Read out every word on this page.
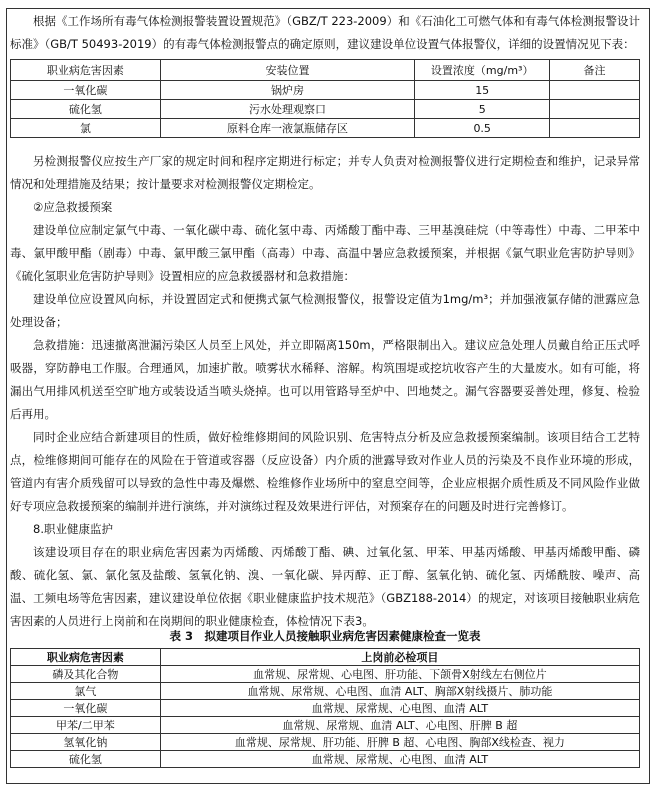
根据《工作场所有毒气体检测报警装置设置规范》（GBZ/T 223-2009）和《石油化工可燃气体和有毒气体检测报警设计标准》（GB/T 50493-2019）的有毒气体检测报警点的确定原则，建议建设单位设置气体报警仪，详细的设置情况见下表：
职业病危害因素	安装位置	设置浓度（mg/m³）	备注
一氧化碳	锅炉房	15	
硫化氢	污水处理观察口	5	
氯	原料仓库一液氯瓶储存区	0.5	
另检测报警仪应按生产厂家的规定时间和程序定期进行标定；并专人负责对检测报警仪进行定期检查和维护，记录异常情况和处理措施及结果；按计量要求对检测报警仪定期检定。
②应急救援预案
建设单位应制定氯气中毒、一氧化碳中毒、硫化氢中毒、丙烯酸丁酯中毒、三甲基溴硅烷（中等毒性）中毒、二甲苯中毒、氯甲酸甲酯（剧毒）中毒、氯甲酸三氯甲酯（高毒）中毒、高温中暑应急救援预案，并根据《氯气职业危害防护导则》《硫化氢职业危害防护导则》设置相应的应急救援器材和急救措施：
建设单位应设置风向标，并设置固定式和便携式氯气检测报警仪，报警设定值为1mg/m³；并加强液氯存储的泄露应急处理设备；
急救措施：迅速撤离泄漏污染区人员至上风处，并立即隔离150m，严格限制出入。建议应急处理人员戴自给正压式呼吸器，穿防静电工作服。合理通风，加速扩散。喷雾状水稀释、溶解。构筑围堤或挖坑收容产生的大量废水。如有可能，将漏出气用排风机送至空旷地方或装设适当喷头烧掉。也可以用管路导至炉中、凹地焚之。漏气容器要妥善处理，修复、检验后再用。
同时企业应结合新建项目的性质，做好检维修期间的风险识别、危害特点分析及应急救援预案编制。该项目结合工艺特点，检维修期间可能存在的风险在于管道或容器（反应设备）内介质的泄露导致对作业人员的污染及不良作业环境的形成，管道内有害介质残留可以导致的急性中毒及爆燃、检维修作业场所中的窒息空间等，企业应根据介质性质及不同风险作业做好专项应急救援预案的编制并进行演练，并对演练过程及效果进行评估，对预案存在的问题及时进行完善修订。
8.职业健康监护
该建设项目存在的职业病危害因素为丙烯酸、丙烯酸丁酯、碘、过氧化氢、甲苯、甲基丙烯酸、甲基丙烯酸甲酯、磷酸、硫化氢、氯、氯化氢及盐酸、氢氧化钠、溴、一氧化碳、异丙醇、正丁醇、氢氧化钠、硫化氢、丙烯酰胺、噪声、高温、工频电场等危害因素，建议建设单位依据《职业健康监护技术规范》（GBZ188-2014）的规定，对该项目接触职业病危害因素的人员进行上岗前和在岗期间的职业健康检查，体检情况下表3。
表 3　拟建项目作业人员接触职业病危害因素健康检查一览表
职业病危害因素	上岗前必检项目
磷及其化合物	血常规、尿常规、心电图、肝功能、下颌骨X射线左右侧位片
氯气	血常规、尿常规、心电图、血清 ALT、胸部X射线摄片、肺功能
一氧化碳	血常规、尿常规、心电图、血清 ALT
甲苯/二甲苯	血常规、尿常规、血清 ALT、心电图、肝脾 B 超
氢氧化钠	血常规、尿常规、肝功能、肝脾 B 超、心电图、胸部X线检查、视力
硫化氢	血常规、尿常规、心电图、血清 ALT
